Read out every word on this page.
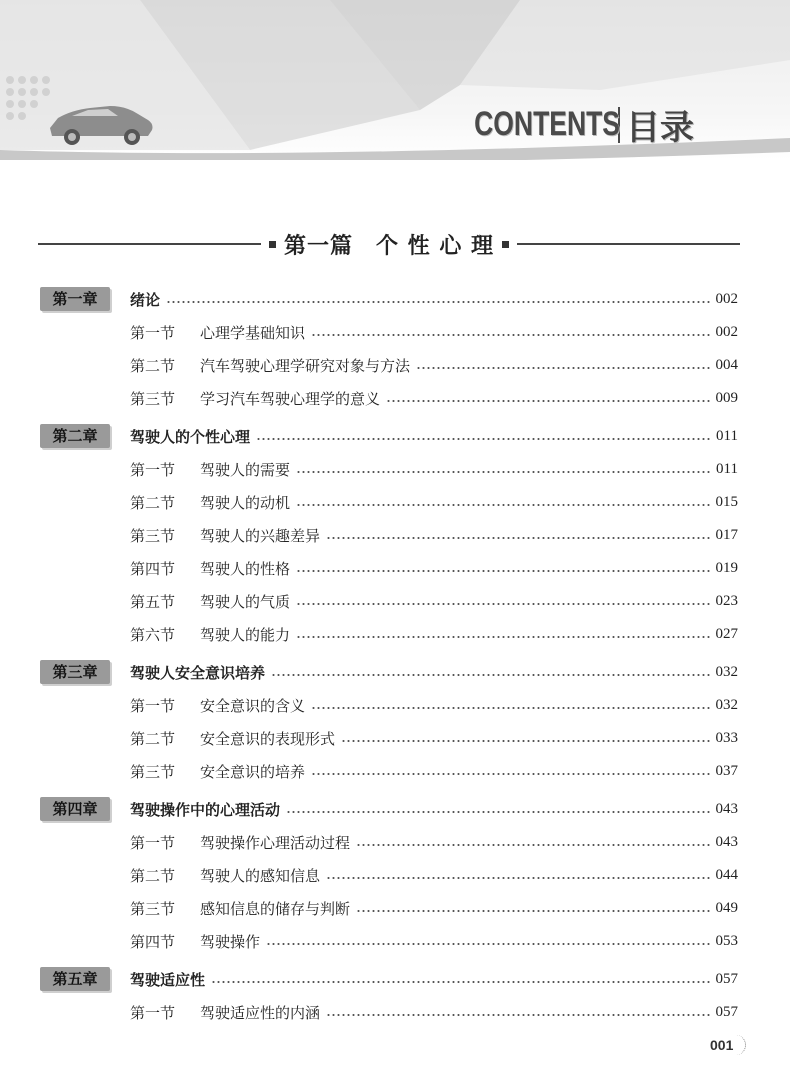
CONTENTS 目录
第一篇　个 性 心 理
第一章	绪论	002
第一节	心理学基础知识	002
第二节	汽车驾驶心理学研究对象与方法	004
第三节	学习汽车驾驶心理学的意义	009
第二章	驾驶人的个性心理	011
第一节	驾驶人的需要	011
第二节	驾驶人的动机	015
第三节	驾驶人的兴趣差异	017
第四节	驾驶人的性格	019
第五节	驾驶人的气质	023
第六节	驾驶人的能力	027
第三章	驾驶人安全意识培养	032
第一节	安全意识的含义	032
第二节	安全意识的表现形式	033
第三节	安全意识的培养	037
第四章	驾驶操作中的心理活动	043
第一节	驾驶操作心理活动过程	043
第二节	驾驶人的感知信息	044
第三节	感知信息的储存与判断	049
第四节	驾驶操作	053
第五章	驾驶适应性	057
第一节	驾驶适应性的内涵	057
001
